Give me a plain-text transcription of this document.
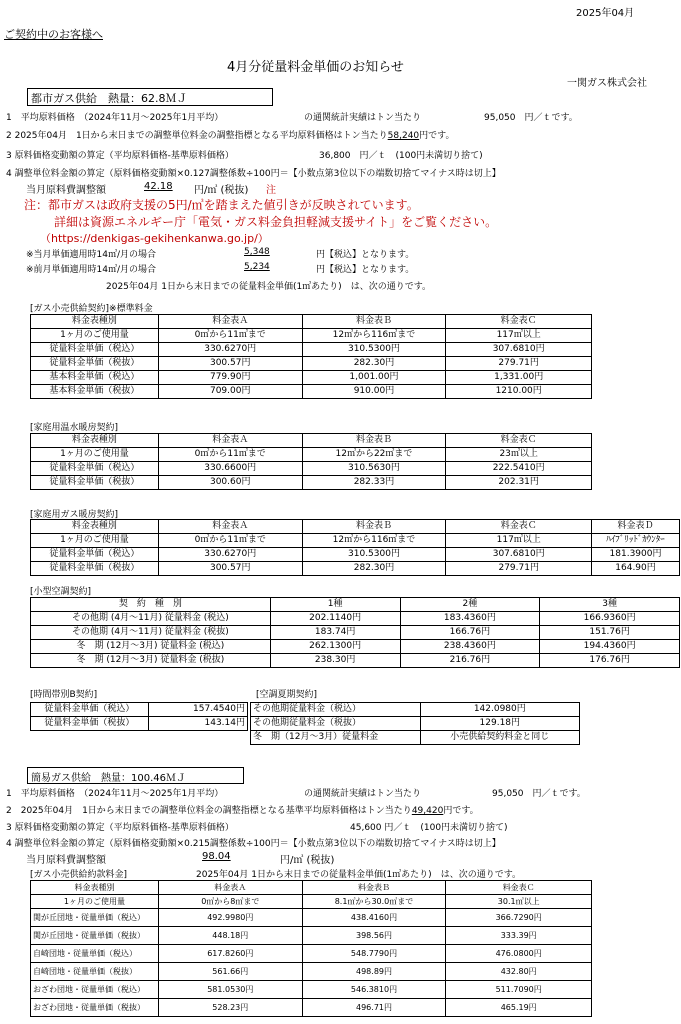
2025年04月
ご契約中のお客様へ
4月分従量料金単価のお知らせ
一関ガス株式会社
都市ガス供給　熱量：62.8ＭＪ
1　平均原料価格　（2024年11月～2025年1月平均）	の通関統計実績はトン当たり	95,050　円／ｔです。
2 2025年04月　1日から末日までの調整単位料金の調整指標となる平均原料価格はトン当たり58,240円です。
3 原料価格変動額の算定（平均原料価格-基準原料価格）	36,800　円／ｔ　(100円未満切り捨て)
4 調整単位料金額の算定（原料価格変動額×0.127調整係数÷100円＝【小数点第3位以下の端数切捨てマイナス時は切上】
当月原料費調整額	42.18 円/㎥ (税抜) 注
注：都市ガスは政府支援の5円/㎥を踏まえた値引きが反映されています。
詳細は資源エネルギー庁「電気・ガス料金負担軽減支援サイト」をご覧ください。
（https://denkigas-gekihenkanwa.go.jp/）
※当月単価適用時14㎥/月の場合	5,348	円【税込】となります。
※前月単価適用時14㎥/月の場合	5,234	円【税込】となります。
2025年04月 1日から末日までの従量料金単価(1㎥あたり)　は、次の通りです。
[ガス小売供給契約]※標準料金
料金表種別	料金表Ａ	料金表Ｂ	料金表Ｃ
1ヶ月のご使用量	0㎥から11㎥まで	12㎥から116㎥まで	117㎥以上
従量料金単価（税込）	330.6270円	310.5300円	307.6810円
従量料金単価（税抜）	300.57円	282.30円	279.71円
基本料金単価（税込）	779.90円	1,001.00円	1,331.00円
基本料金単価（税抜）	709.00円	910.00円	1210.00円
[家庭用温水暖房契約]
料金表種別	料金表Ａ	料金表Ｂ	料金表Ｃ
1ヶ月のご使用量	0㎥から11㎥まで	12㎥から22㎥まで	23㎥以上
従量料金単価（税込）	330.6600円	310.5630円	222.5410円
従量料金単価（税抜）	300.60円	282.33円	202.31円
[家庭用ガス暖房契約]
料金表種別	料金表Ａ	料金表Ｂ	料金表Ｃ	料金表Ｄ
1ヶ月のご使用量	0㎥から11㎥まで	12㎥から116㎥まで	117㎥以上	ﾊｲﾌﾞﾘｯﾄﾞｶｳﾝﾀｰ
従量料金単価（税込）	330.6270円	310.5300円	307.6810円	181.3900円
従量料金単価（税抜）	300.57円	282.30円	279.71円	164.90円
[小型空調契約]
契　約　種　別	1種	2種	3種
その他期 (4月～11月) 従量料金 (税込)	202.1140円	183.4360円	166.9360円
その他期 (4月～11月) 従量料金 (税抜)	183.74円	166.76円	151.76円
冬　期 (12月～3月) 従量料金 (税込)	262.1300円	238.4360円	194.4360円
冬　期 (12月～3月) 従量料金 (税抜)	238.30円	216.76円	176.76円
[時間帯別B契約]
従量料金単価（税込）	157.4540円
従量料金単価（税抜）	143.14円
[空調夏期契約]
その他期従量料金（税込）	142.0980円
その他期従量料金（税抜）	129.18円
冬　期（12月～3月）従量料金	小売供給契約料金と同じ
簡易ガス供給　熱量：100.46ＭＪ
1　平均原料価格　（2024年11月～2025年1月平均）	の通関統計実績はトン当たり	95,050　円／ｔです。
2　2025年04月　1日から末日までの調整単位料金の調整指標となる基準平均原料価格はトン当たり49,420円です。
3 原料価格変動額の算定（平均原料価格-基準原料価格）	45,600 円／ｔ　(100円未満切り捨て)
4 調整単位料金額の算定（原料価格変動額×0.215調整係数÷100円＝【小数点第3位以下の端数切捨てマイナス時は切上】
当月原料費調整額	98.04	円/㎥ (税抜)
[ガス小売供給約款料金]	2025年04月 1日から末日までの従量料金単価(1㎥あたり)　は、次の通りです。
料金表種別	料金表Ａ	料金表Ｂ	料金表Ｃ
1ヶ月のご使用量	0㎥から8㎥まで	8.1㎥から30.0㎥まで	30.1㎥以上
関が丘団地・従量単価（税込）	492.9980円	438.4160円	366.7290円
関が丘団地・従量単価（税抜）	448.18円	398.56円	333.39円
自崎団地・従量単価（税込）	617.8260円	548.7790円	476.0800円
自崎団地・従量単価（税抜）	561.66円	498.89円	432.80円
おざわ団地・従量単価（税込）	581.0530円	546.3810円	511.7090円
おざわ団地・従量単価（税抜）	528.23円	496.71円	465.19円
